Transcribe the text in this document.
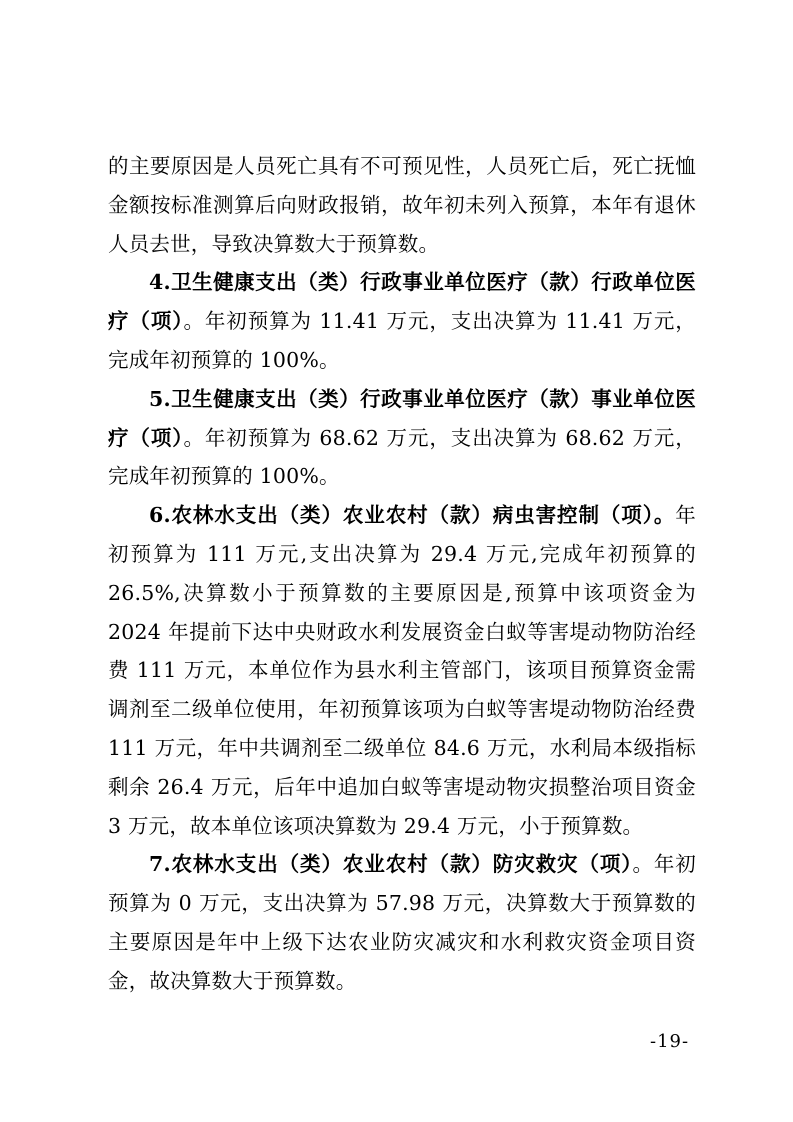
的主要原因是人员死亡具有不可预见性，人员死亡后，死亡抚恤金额按标准测算后向财政报销，故年初未列入预算，本年有退休人员去世，导致决算数大于预算数。

4.卫生健康支出（类）行政事业单位医疗（款）行政单位医疗（项）。年初预算为 11.41 万元，支出决算为 11.41 万元，完成年初预算的 100%。

5.卫生健康支出（类）行政事业单位医疗（款）事业单位医疗（项）。年初预算为 68.62 万元，支出决算为 68.62 万元，完成年初预算的 100%。

6.农林水支出（类）农业农村（款）病虫害控制（项）。年初预算为 111 万元,支出决算为 29.4 万元,完成年初预算的 26.5%,决算数小于预算数的主要原因是,预算中该项资金为 2024 年提前下达中央财政水利发展资金白蚁等害堤动物防治经费 111 万元，本单位作为县水利主管部门，该项目预算资金需调剂至二级单位使用，年初预算该项为白蚁等害堤动物防治经费 111 万元，年中共调剂至二级单位 84.6 万元，水利局本级指标剩余 26.4 万元，后年中追加白蚁等害堤动物灾损整治项目资金 3 万元，故本单位该项决算数为 29.4 万元，小于预算数。

7.农林水支出（类）农业农村（款）防灾救灾（项）。年初预算为 0 万元，支出决算为 57.98 万元，决算数大于预算数的主要原因是年中上级下达农业防灾减灾和水利救灾资金项目资金，故决算数大于预算数。

-19-
